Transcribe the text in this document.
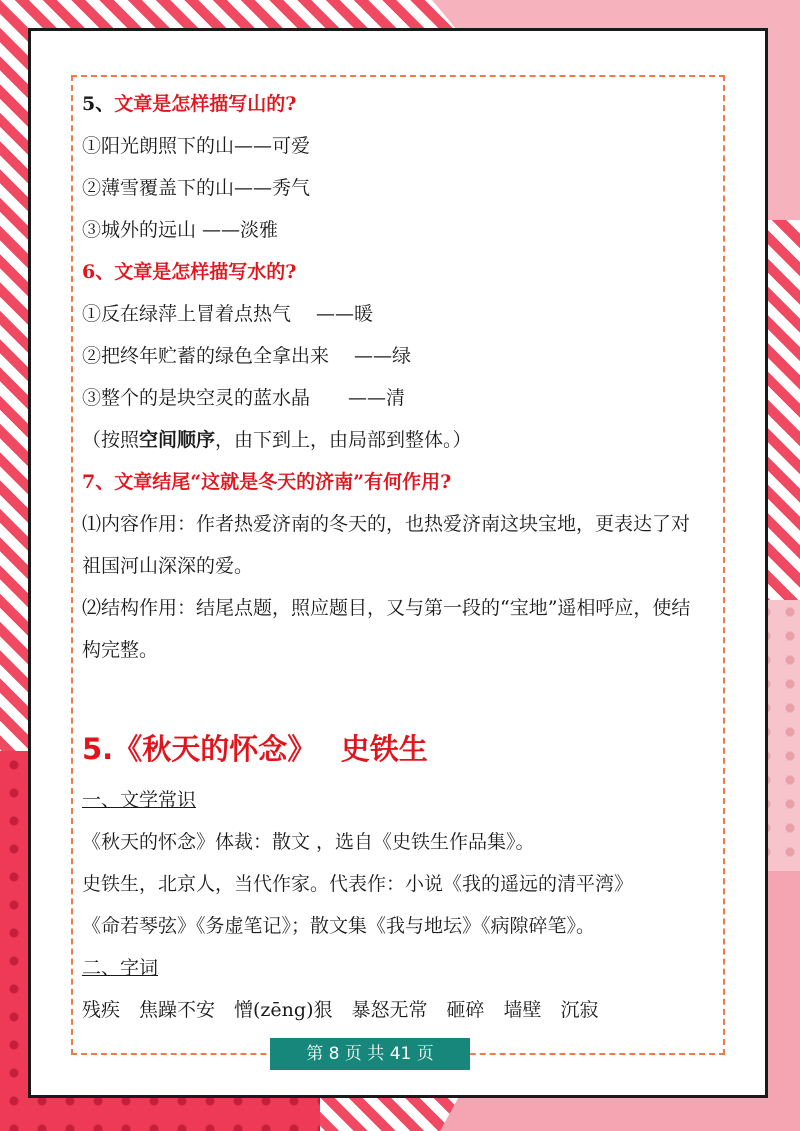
5、文章是怎样描写山的?
①阳光朗照下的山——可爱
②薄雪覆盖下的山——秀气
③城外的远山 ——淡雅
6、文章是怎样描写水的?
①反在绿萍上冒着点热气　 ——暖
②把终年贮蓄的绿色全拿出来　 ——绿
③整个的是块空灵的蓝水晶　　——清
（按照空间顺序，由下到上，由局部到整体。）
7、文章结尾“这就是冬天的济南”有何作用?
⑴内容作用：作者热爱济南的冬天的，也热爱济南这块宝地，更表达了对祖国河山深深的爱。
⑵结构作用：结尾点题，照应题目，又与第一段的“宝地”遥相呼应，使结构完整。
5.《秋天的怀念》　 史铁生
一、文学常识
《秋天的怀念》体裁：散文 ，选自《史铁生作品集》。
史铁生，北京人，当代作家。代表作：小说《我的遥远的清平湾》
《命若琴弦》《务虚笔记》；散文集《我与地坛》《病隙碎笔》。
二、字词
残疾　焦躁不安　憎(zēng)狠　暴怒无常　砸碎　墙壁　沉寂
第 8 页 共 41 页
